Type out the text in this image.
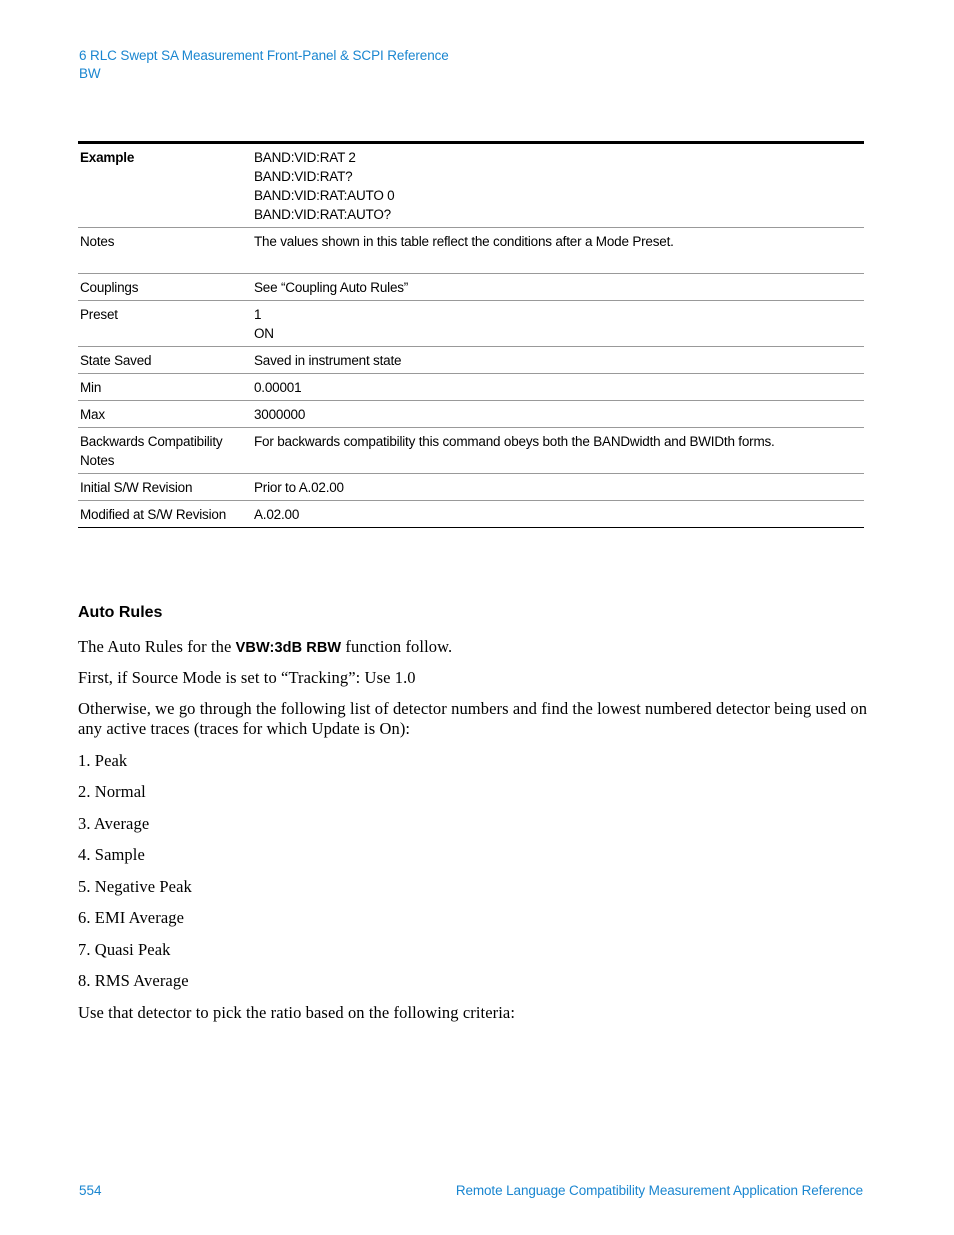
6 RLC Swept SA Measurement Front-Panel & SCPI Reference
BW
Example	BAND:VID:RAT 2
BAND:VID:RAT?
BAND:VID:RAT:AUTO 0
BAND:VID:RAT:AUTO?

Notes	The values shown in this table reflect the conditions after a Mode Preset.

Couplings	See “Coupling Auto Rules”

Preset	1
ON

State Saved	Saved in instrument state

Min	0.00001

Max	3000000

Backwards Compatibility Notes	For backwards compatibility this command obeys both the BANDwidth and BWIDth forms.

Initial S/W Revision	Prior to A.02.00

Modified at S/W Revision	A.02.00
Auto Rules
The Auto Rules for the VBW:3dB RBW function follow.
First, if Source Mode is set to “Tracking”: Use 1.0
Otherwise, we go through the following list of detector numbers and find the lowest numbered detector being used on any active traces (traces for which Update is On):
1. Peak
2. Normal
3. Average
4. Sample
5. Negative Peak
6. EMI Average
7. Quasi Peak
8. RMS Average
Use that detector to pick the ratio based on the following criteria:
554	Remote Language Compatibility Measurement Application Reference
